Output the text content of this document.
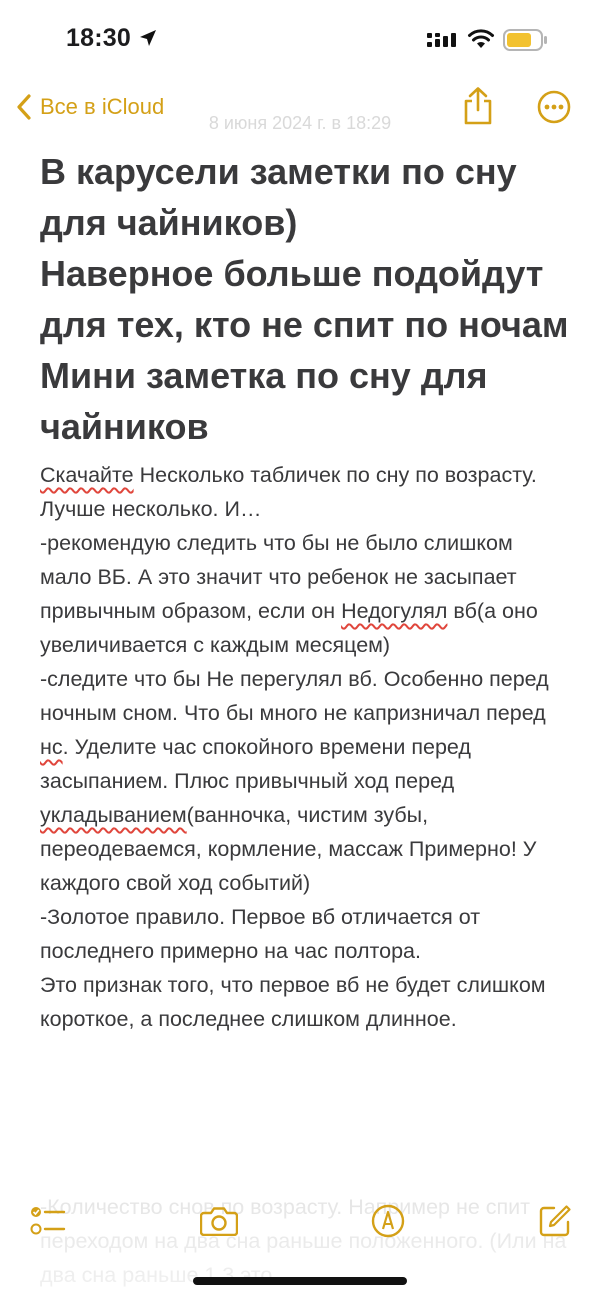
18:30
Все в iCloud
8 июня 2024 г. в 18:29

В карусели заметки по сну для чайников)

Наверное больше подойдут для тех, кто не спит по ночам

Мини заметка по сну для чайников

Скачайте Несколько табличек по сну по возрасту. Лучше несколько. И…

-рекомендую следить что бы не было слишком мало ВБ. А это значит что ребенок не засыпает привычным образом, если он Недогулял вб(а оно увеличивается с каждым месяцем)

-следите что бы Не перегулял вб. Особенно перед ночным сном. Что бы много не капризничал перед нс. Уделите час спокойного времени перед засыпанием. Плюс привычный ход перед укладыванием(ванночка, чистим зубы, переодеваемся, кормление, массаж Примерно! У каждого свой ход событий)

-Золотое правило. Первое вб отличается от последнего примерно на час полтора.

Это признак того, что первое вб не будет слишком короткое, а последнее слишком длинное.
